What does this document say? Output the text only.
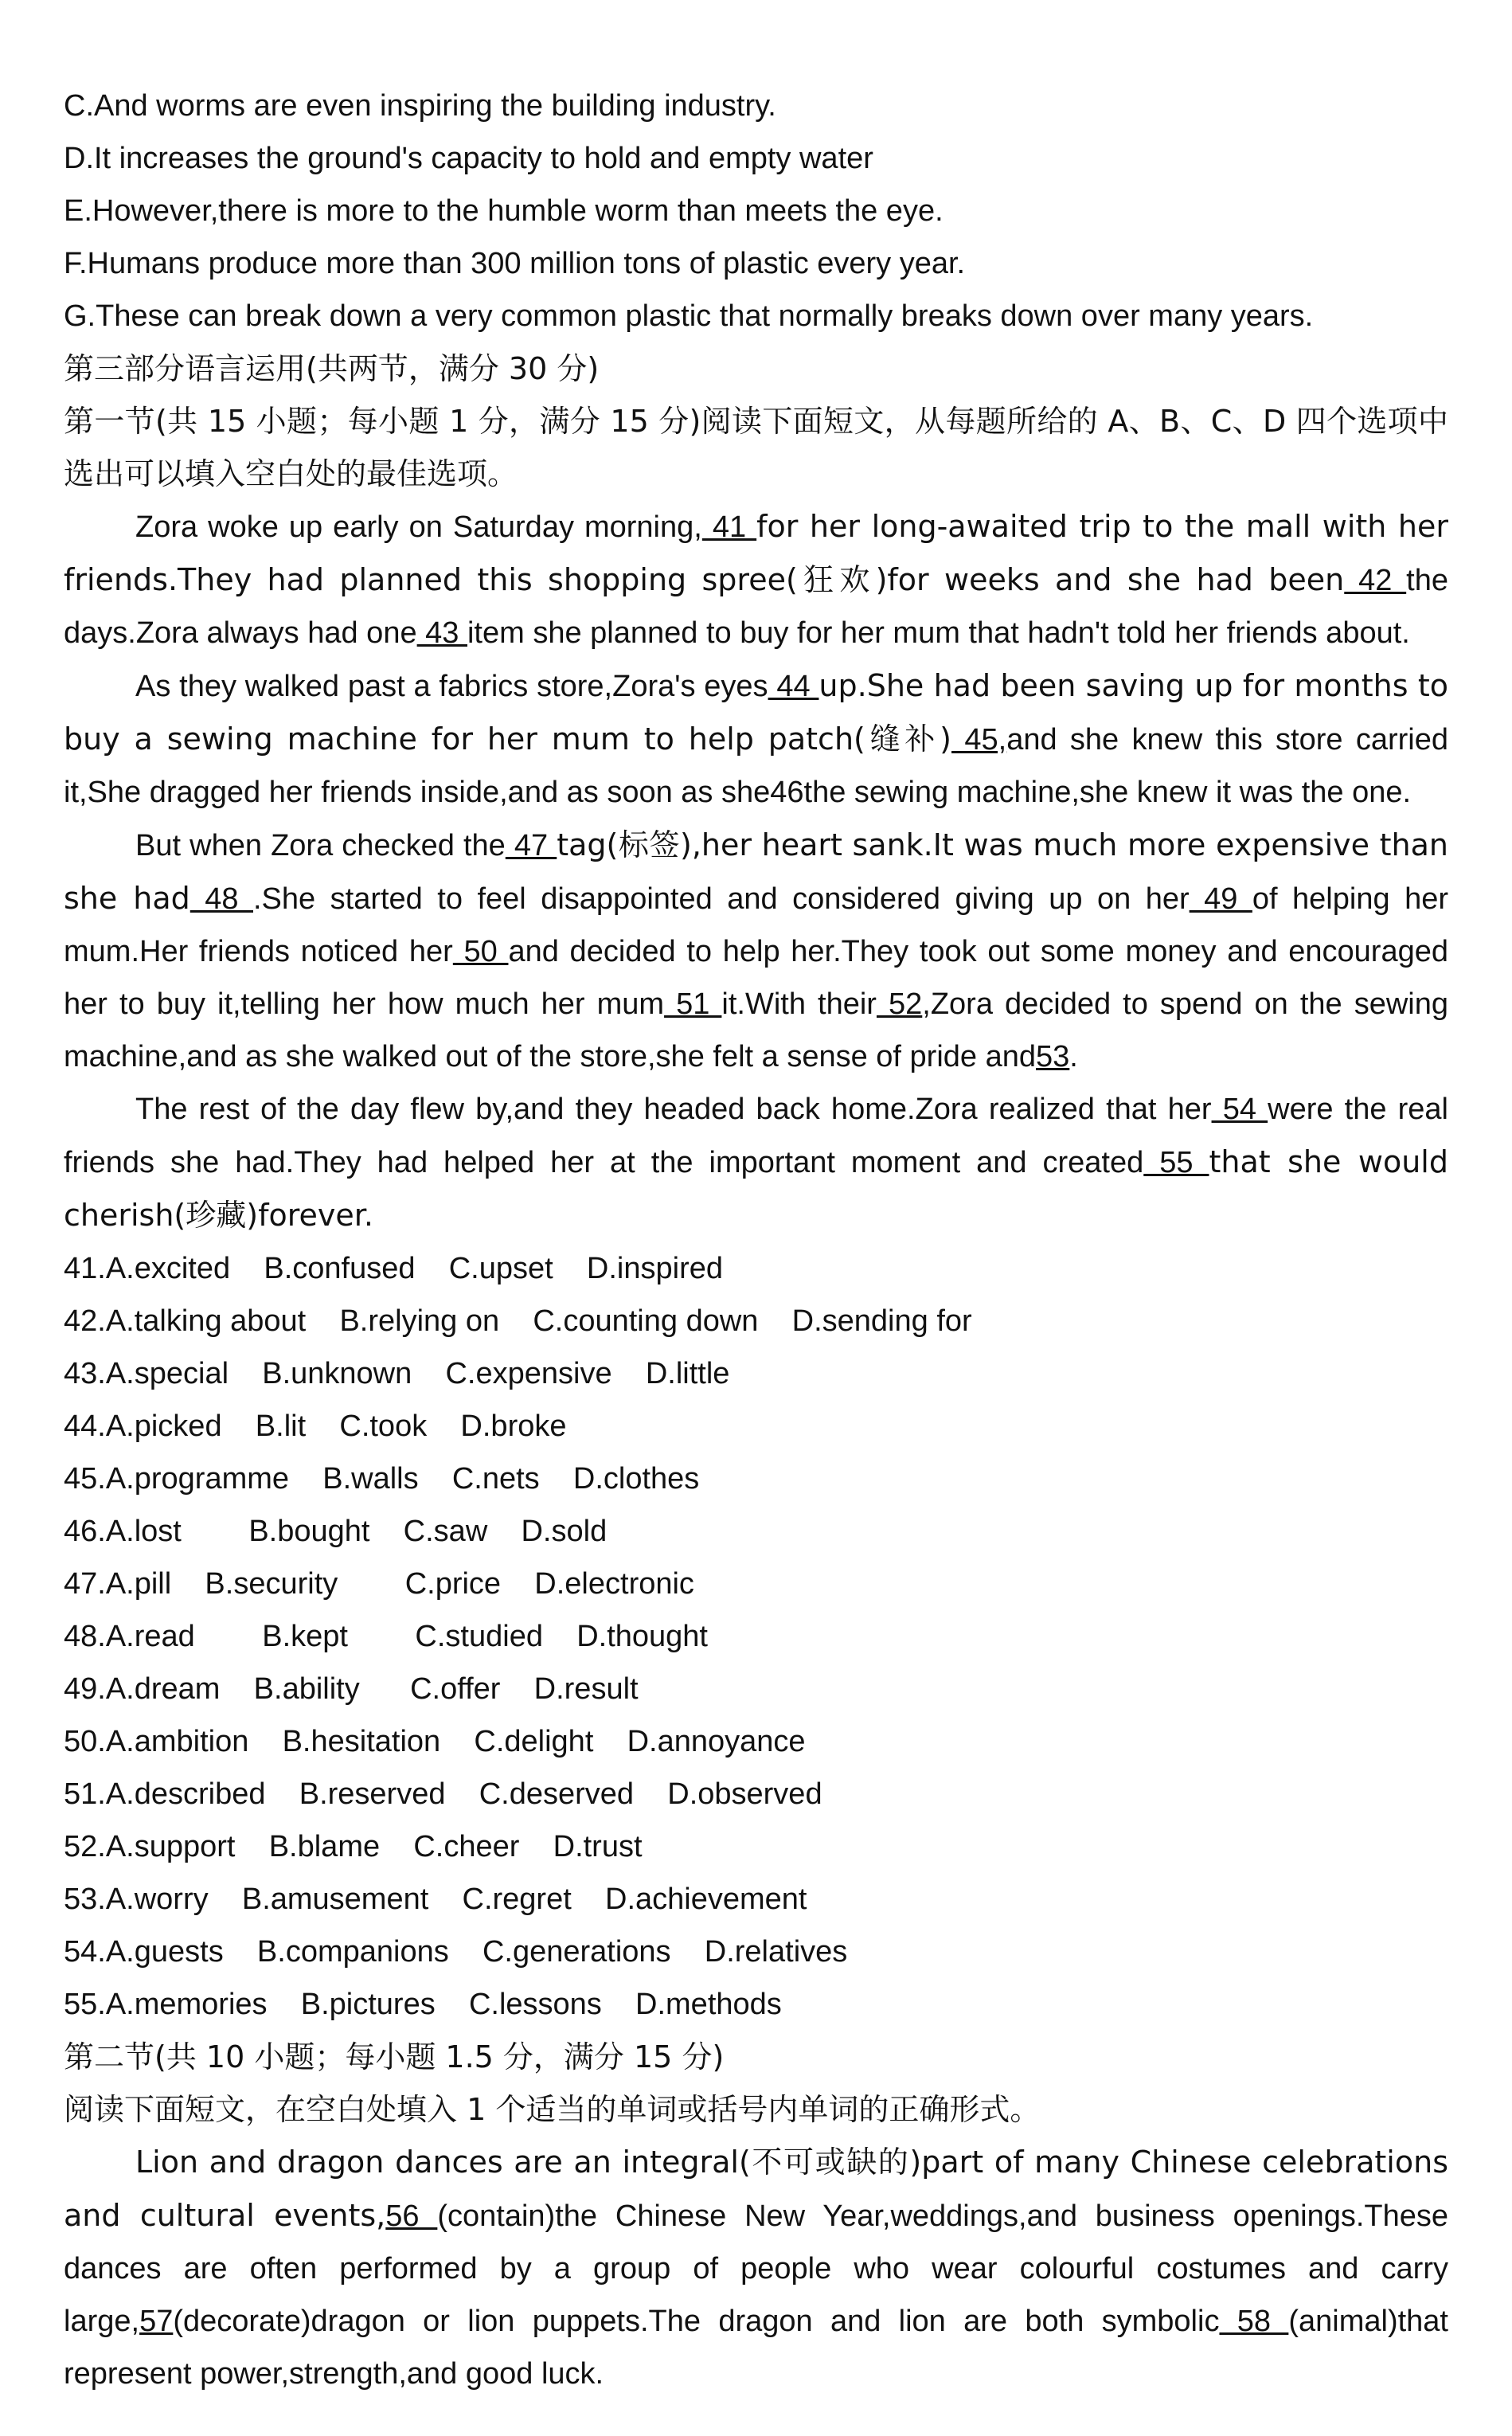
C.And worms are even inspiring the building industry.
D.It increases the ground's capacity to hold and empty water
E.However,there is more to the humble worm than meets the eye.
F.Humans produce more than 300 million tons of plastic every year.
G.These can break down a very common plastic that normally breaks down over many years.
第三部分语言运用(共两节，满分 30 分)
第一节(共 15 小题；每小题 1 分，满分 15 分)阅读下面短文，从每题所给的 A、B、C、D 四个选项中选出可以填入空白处的最佳选项。
Zora woke up early on Saturday morning, 41 for her long-awaited trip to the mall with her friends.They had planned this shopping spree(狂欢)for weeks and she had been 42 the days.Zora always had one 43 item she planned to buy for her mum that hadn't told her friends about.
As they walked past a fabrics store,Zora's eyes 44 up.She had been saving up for months to buy a sewing machine for her mum to help patch(缝补) 45,and she knew this store carried it,She dragged her friends inside,and as soon as she46the sewing machine,she knew it was the one.
But when Zora checked the 47 tag(标签),her heart sank.It was much more expensive than she had 48 .She started to feel disappointed and considered giving up on her 49 of helping her mum.Her friends noticed her 50 and decided to help her.They took out some money and encouraged her to buy it,telling her how much her mum 51 it.With their 52,Zora decided to spend on the sewing machine,and as she walked out of the store,she felt a sense of pride and53.
The rest of the day flew by,and they headed back home.Zora realized that her 54 were the real friends she had.They had helped her at the important moment and created 55 that she would cherish(珍藏)forever.
41.A.excited    B.confused    C.upset    D.inspired
42.A.talking about    B.relying on    C.counting down    D.sending for
43.A.special    B.unknown    C.expensive    D.little
44.A.picked    B.lit    C.took    D.broke
45.A.programme    B.walls    C.nets    D.clothes
46.A.lost        B.bought    C.saw    D.sold
47.A.pill    B.security        C.price    D.electronic
48.A.read        B.kept        C.studied    D.thought
49.A.dream    B.ability      C.offer    D.result
50.A.ambition    B.hesitation    C.delight    D.annoyance
51.A.described    B.reserved    C.deserved    D.observed
52.A.support    B.blame    C.cheer    D.trust
53.A.worry    B.amusement    C.regret    D.achievement
54.A.guests    B.companions    C.generations    D.relatives
55.A.memories    B.pictures    C.lessons    D.methods
第二节(共 10 小题；每小题 1.5 分，满分 15 分)
阅读下面短文，在空白处填入 1 个适当的单词或括号内单词的正确形式。
Lion and dragon dances are an integral(不可或缺的)part of many Chinese celebrations and cultural events,56 (contain)the Chinese New Year,weddings,and business openings.These dances are often performed by a group of people who wear colourful costumes and carry large,57(decorate)dragon or lion puppets.The dragon and lion are both symbolic 58 (animal)that represent power,strength,and good luck.
